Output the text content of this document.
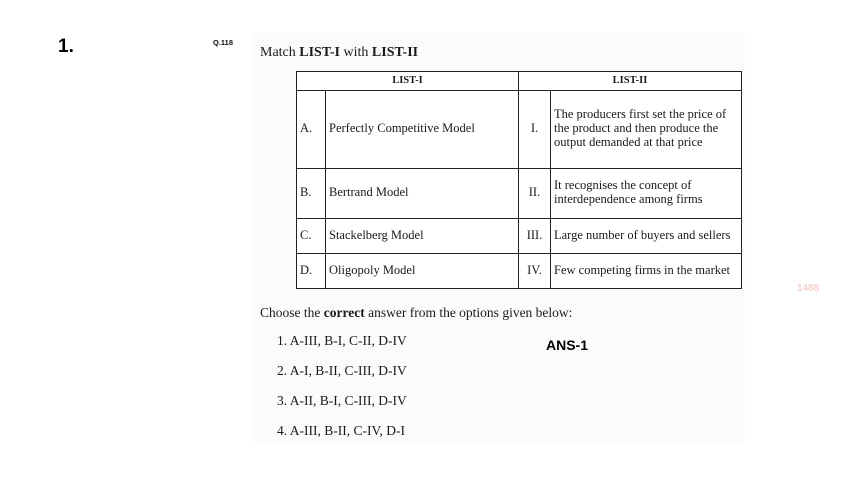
1.	Q.118
Match LIST-I with LIST-II
LIST-I		LIST-II	
A.	Perfectly Competitive Model	I.	The producers first set the price of the product and then produce the output demanded at that price
B.	Bertrand Model	II.	It recognises the concept of interdependence among firms
C.	Stackelberg Model	III.	Large number of buyers and sellers
D.	Oligopoly Model	IV.	Few competing firms in the market
Choose the correct answer from the options given below:
1. A-III, B-I, C-II, D-IV
2. A-I, B-II, C-III, D-IV
3. A-II, B-I, C-III, D-IV
4. A-III, B-II, C-IV, D-I
ANS-1
1488
